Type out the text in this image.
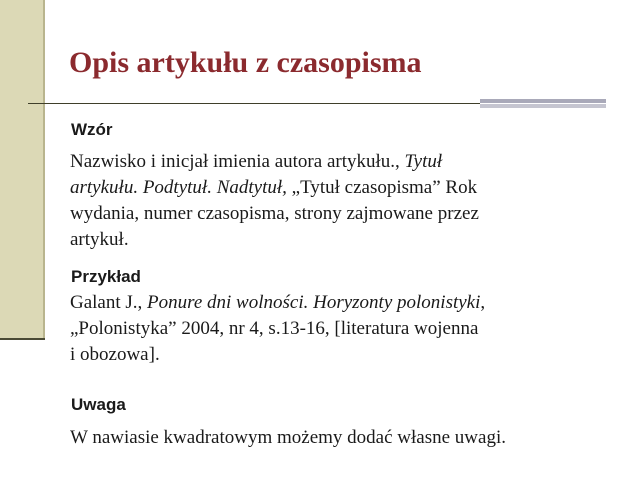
Opis artykułu z czasopisma
Wzór
Nazwisko i inicjał imienia autora artykułu., Tytuł
artykułu. Podtytuł. Nadtytuł, „Tytuł czasopisma” Rok
wydania, numer czasopisma, strony zajmowane przez
artykuł.
Przykład
Galant J., Ponure dni wolności. Horyzonty polonistyki,
„Polonistyka” 2004, nr 4, s.13-16, [literatura wojenna
i obozowa].
Uwaga
W nawiasie kwadratowym możemy dodać własne uwagi.
